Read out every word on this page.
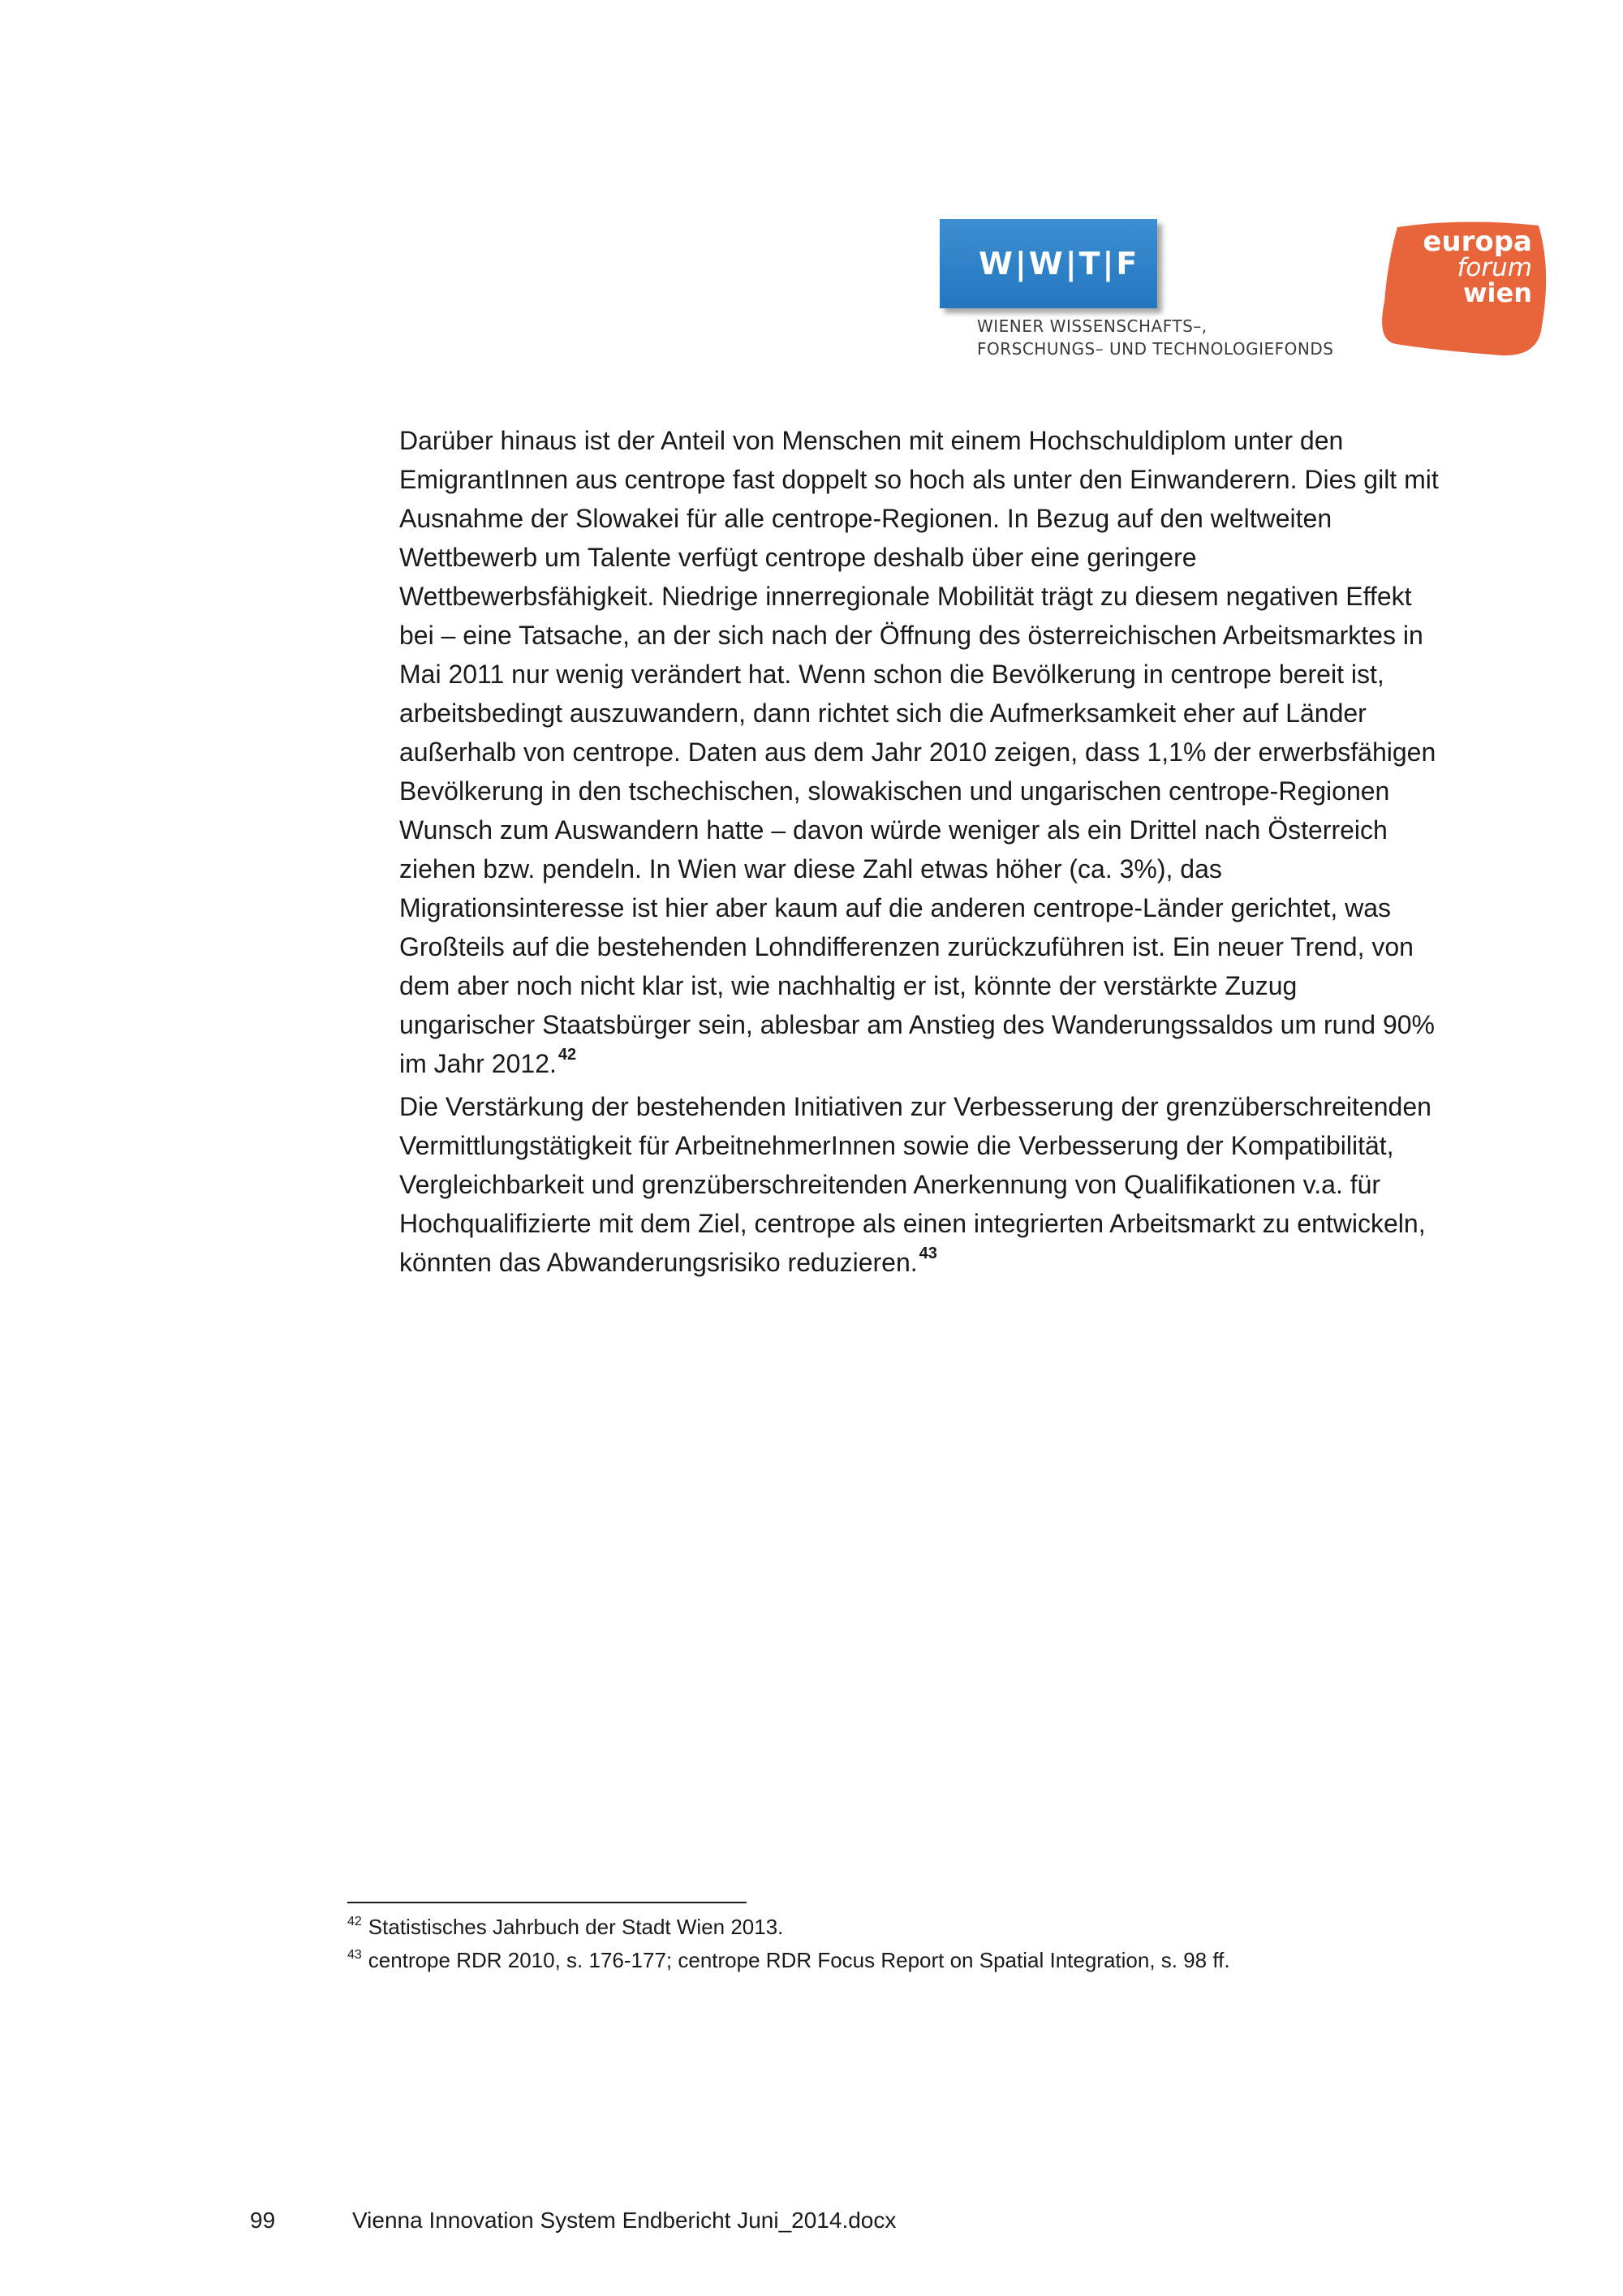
W|W|T|F
WIENER WISSENSCHAFTS–,
FORSCHUNGS– UND TECHNOLOGIEFONDS
europa
forum
wien
Darüber hinaus ist der Anteil von Menschen mit einem Hochschuldiplom unter den
EmigrantInnen aus centrope fast doppelt so hoch als unter den Einwanderern. Dies gilt mit
Ausnahme der Slowakei für alle centrope-Regionen. In Bezug auf den weltweiten
Wettbewerb um Talente verfügt centrope deshalb über eine geringere
Wettbewerbsfähigkeit. Niedrige innerregionale Mobilität trägt zu diesem negativen Effekt
bei – eine Tatsache, an der sich nach der Öffnung des österreichischen Arbeitsmarktes in
Mai 2011 nur wenig verändert hat. Wenn schon die Bevölkerung in centrope bereit ist,
arbeitsbedingt auszuwandern, dann richtet sich die Aufmerksamkeit eher auf Länder
außerhalb von centrope. Daten aus dem Jahr 2010 zeigen, dass 1,1% der erwerbsfähigen
Bevölkerung in den tschechischen, slowakischen und ungarischen centrope-Regionen
Wunsch zum Auswandern hatte – davon würde weniger als ein Drittel nach Österreich
ziehen bzw. pendeln. In Wien war diese Zahl etwas höher (ca. 3%), das
Migrationsinteresse ist hier aber kaum auf die anderen centrope-Länder gerichtet, was
Großteils auf die bestehenden Lohndifferenzen zurückzuführen ist. Ein neuer Trend, von
dem aber noch nicht klar ist, wie nachhaltig er ist, könnte der verstärkte Zuzug
ungarischer Staatsbürger sein, ablesbar am Anstieg des Wanderungssaldos um rund 90%
im Jahr 2012. $^{42}$
Die Verstärkung der bestehenden Initiativen zur Verbesserung der grenzüberschreitenden
Vermittlungstätigkeit für ArbeitnehmerInnen sowie die Verbesserung der Kompatibilität,
Vergleichbarkeit und grenzüberschreitenden Anerkennung von Qualifikationen v.a. für
Hochqualifizierte mit dem Ziel, centrope als einen integrierten Arbeitsmarkt zu entwickeln,
könnten das Abwanderungsrisiko reduzieren. $^{43}$
$^{42}$ Statistisches Jahrbuch der Stadt Wien 2013.
$^{43}$ centrope RDR 2010, s. 176-177; centrope RDR Focus Report on Spatial Integration, s. 98 ff.
99	Vienna Innovation System Endbericht Juni_2014.docx
